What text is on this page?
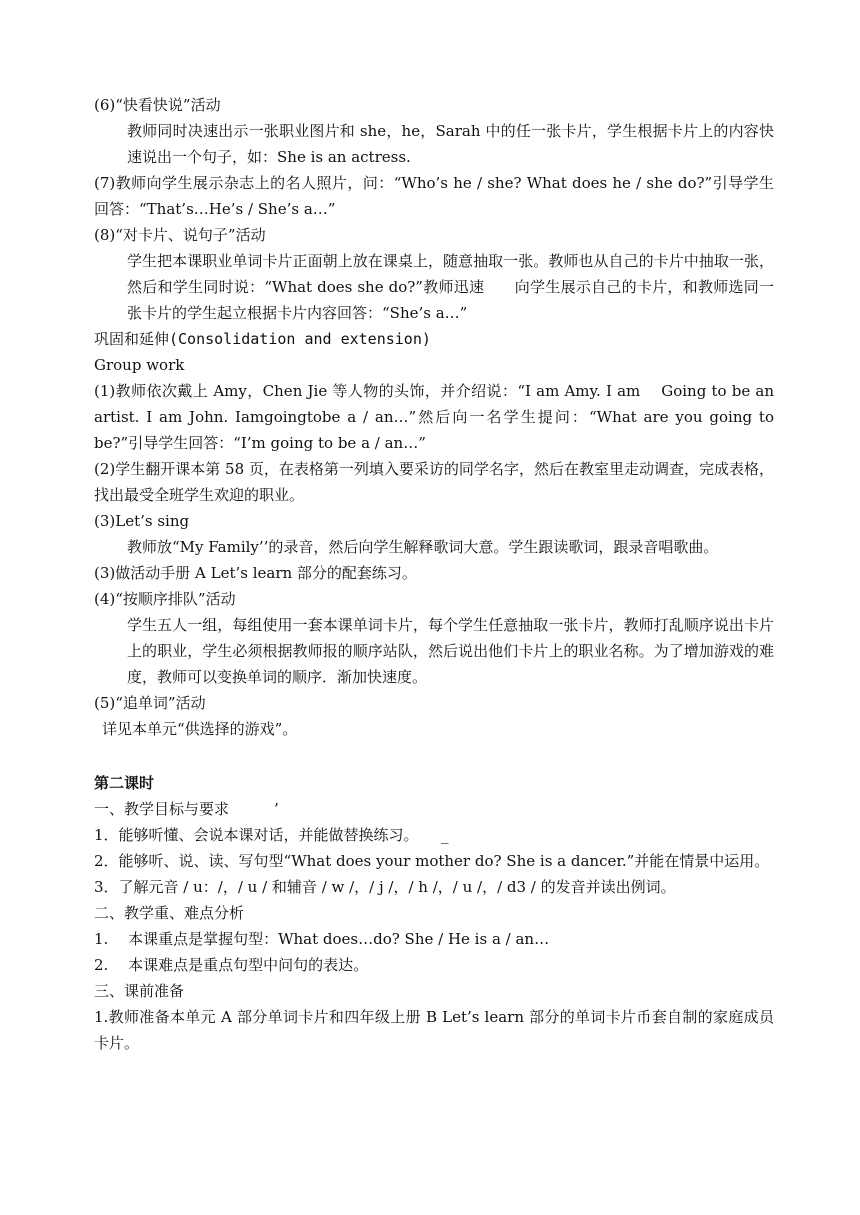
(6)“快看快说”活动
教师同时决速出示一张职业图片和 she，he，Sarah 中的任一张卡片，学生根据卡片上的内容快速说出一个句子，如：She is an actress.
(7)教师向学生展示杂志上的名人照片，问：“Who’s he / she? What does he / she do?”引导学生回答：“That’s…He’s / She’s a…”
(8)“对卡片、说句子”活动
学生把本课职业单词卡片正面朝上放在课桌上，随意抽取一张。教师也从自己的卡片中抽取一张，然后和学生同时说：“What does she do?”教师迅速　　向学生展示自己的卡片，和教师选同一张卡片的学生起立根据卡片内容回答：“She’s a…”
巩固和延伸(Consolidation and extension)
Group work
(1)教师依次戴上 Amy，Chen Jie 等人物的头饰，并介绍说：“I am Amy. I am　 Going to be an artist. I am John. Iamgoingtobe a / an…”然后向一名学生提问：“What are you going to be?”引导学生回答：“I’m going to be a / an…”
(2)学生翻开课本第 58 页，在表格第一列填入要采访的同学名字，然后在教室里走动调查，完成表格，找出最受全班学生欢迎的职业。
(3)Let’s sing
教师放“My Family’’的录音，然后向学生解释歌词大意。学生跟读歌词，跟录音唱歌曲。
(3)做活动手册 A Let’s learn 部分的配套练习。
(4)“按顺序排队”活动
学生五人一组，每组使用一套本课单词卡片，每个学生任意抽取一张卡片，教师打乱顺序说出卡片上的职业，学生必须根据教师报的顺序站队，然后说出他们卡片上的职业名称。为了增加游戏的难度，教师可以变换单词的顺序．渐加快速度。
(5)“追单词”活动
详见本单元“供选择的游戏”。
第二课时
一、教学目标与要求　　　’
1．能够听懂、会说本课对话，并能做替换练习。　　_
2．能够听、说、读、写句型“What does your mother do? She is a dancer.”并能在情景中运用。
3．了解元音 / u：/，/ u / 和辅音 / w /，/ j /，/ h /，/ u /，/ d3 / 的发音并读出例词。
二、教学重、难点分析
1.　 本课重点是掌握句型：What does…do? She / He is a / an…
2.　 本课难点是重点句型中问句的表达。
三、课前准备
1.教师准备本单元 A 部分单词卡片和四年级上册 B Let’s learn 部分的单词卡片币套自制的家庭成员卡片。
